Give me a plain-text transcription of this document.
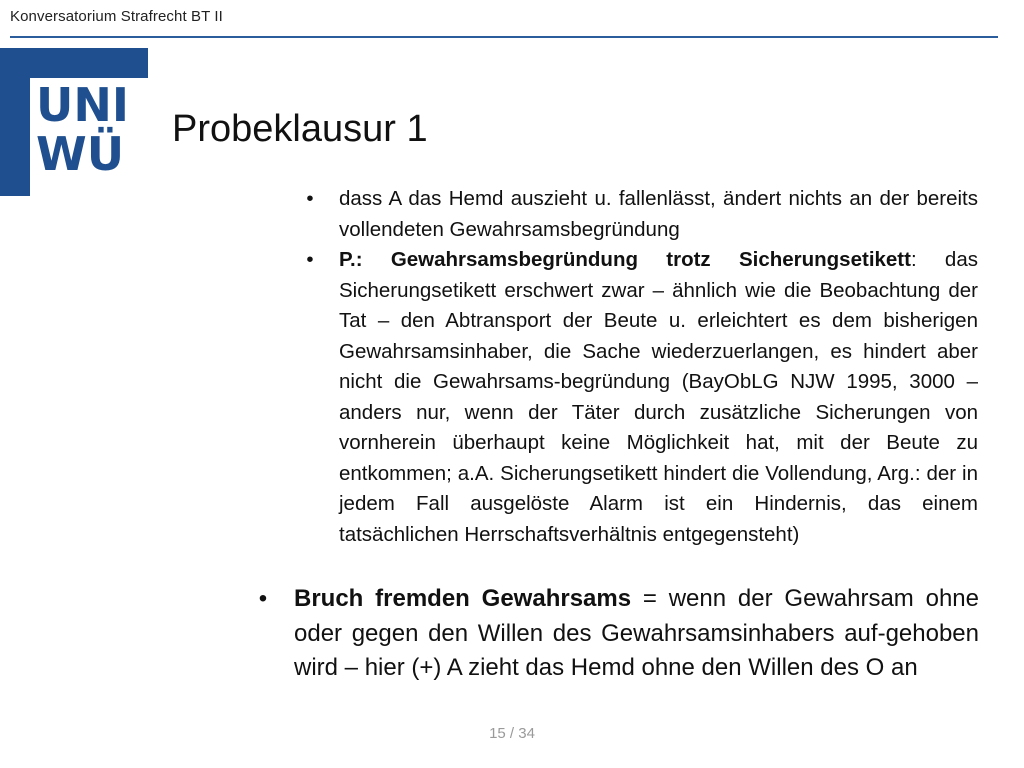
Konversatorium Strafrecht BT II
UNI
WÜ Probeklausur 1
•	dass A das Hemd auszieht u. fallenlässt, ändert nichts an der bereits vollendeten Gewahrsamsbegründung
•	P.: Gewahrsamsbegründung trotz Sicherungsetikett: das Sicherungsetikett erschwert zwar – ähnlich wie die Beobachtung der Tat – den Abtransport der Beute u. erleichtert es dem bisherigen Gewahrsamsinhaber, die Sache wiederzuerlangen, es hindert aber nicht die Gewahrsams-begründung (BayObLG NJW 1995, 3000 – anders nur, wenn der Täter durch zusätzliche Sicherungen von vornherein überhaupt keine Möglichkeit hat, mit der Beute zu entkommen; a.A. Sicherungsetikett hindert die Vollendung, Arg.: der in jedem Fall ausgelöste Alarm ist ein Hindernis, das einem tatsächlichen Herrschaftsverhältnis entgegensteht)
• Bruch fremden Gewahrsams = wenn der Gewahrsam ohne oder gegen den Willen des Gewahrsamsinhabers auf-gehoben wird – hier (+) A zieht das Hemd ohne den Willen des O an
15 / 34
